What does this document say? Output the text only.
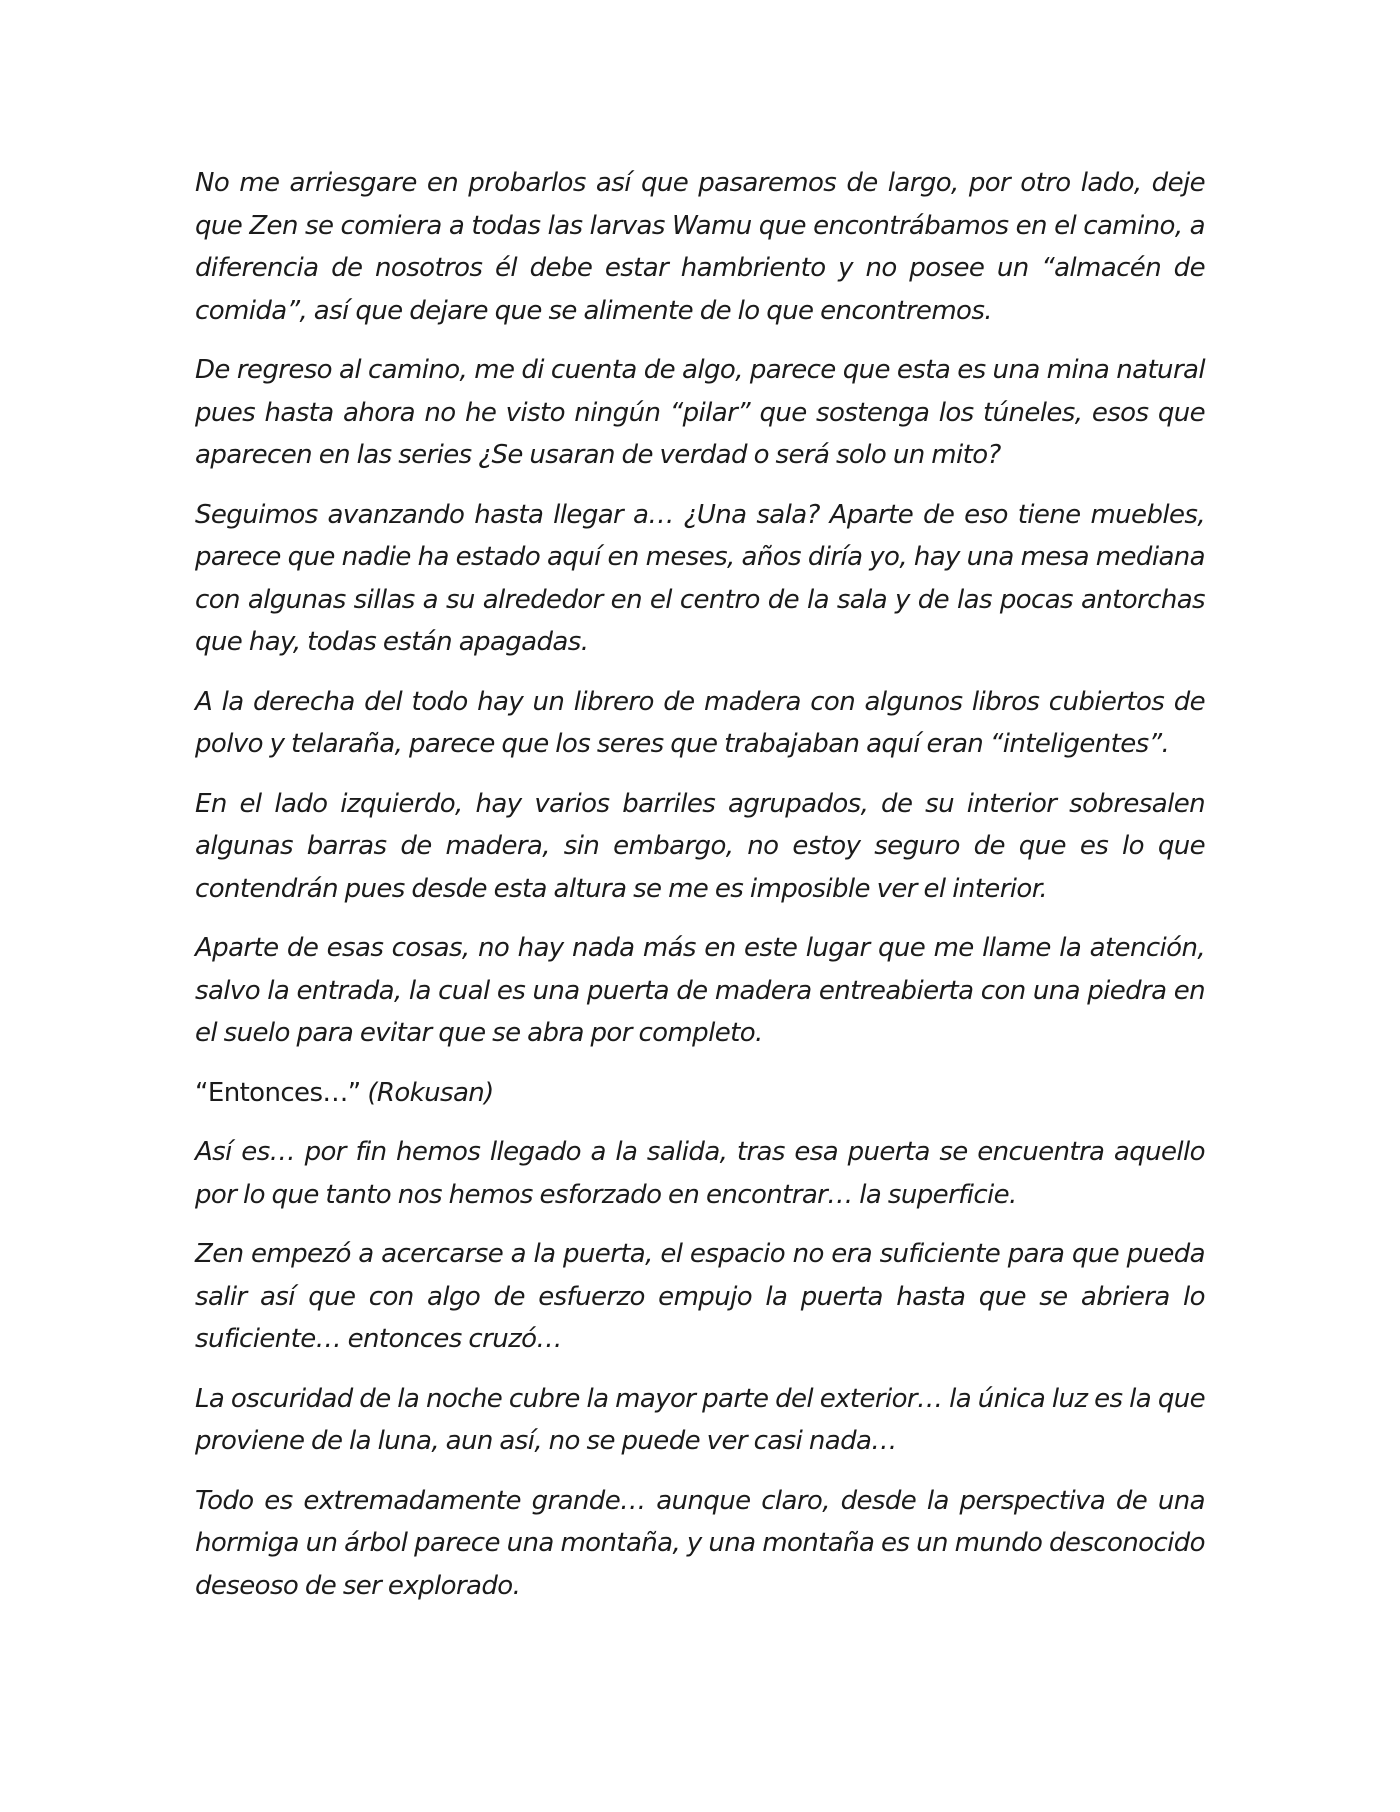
No me arriesgare en probarlos así que pasaremos de largo, por otro lado, deje que Zen se comiera a todas las larvas Wamu que encontrábamos en el camino, a diferencia de nosotros él debe estar hambriento y no posee un “almacén de comida”, así que dejare que se alimente de lo que encontremos.

De regreso al camino, me di cuenta de algo, parece que esta es una mina natural pues hasta ahora no he visto ningún “pilar” que sostenga los túneles, esos que aparecen en las series ¿Se usaran de verdad o será solo un mito?

Seguimos avanzando hasta llegar a… ¿Una sala? Aparte de eso tiene muebles, parece que nadie ha estado aquí en meses, años diría yo, hay una mesa mediana con algunas sillas a su alrededor en el centro de la sala y de las pocas antorchas que hay, todas están apagadas.

A la derecha del todo hay un librero de madera con algunos libros cubiertos de polvo y telaraña, parece que los seres que trabajaban aquí eran “inteligentes”.

En el lado izquierdo, hay varios barriles agrupados, de su interior sobresalen algunas barras de madera, sin embargo, no estoy seguro de que es lo que contendrán pues desde esta altura se me es imposible ver el interior.

Aparte de esas cosas, no hay nada más en este lugar que me llame la atención, salvo la entrada, la cual es una puerta de madera entreabierta con una piedra en el suelo para evitar que se abra por completo.

“Entonces…” (Rokusan)

Así es… por fin hemos llegado a la salida, tras esa puerta se encuentra aquello por lo que tanto nos hemos esforzado en encontrar… la superficie.

Zen empezó a acercarse a la puerta, el espacio no era suficiente para que pueda salir así que con algo de esfuerzo empujo la puerta hasta que se abriera lo suficiente… entonces cruzó…

La oscuridad de la noche cubre la mayor parte del exterior… la única luz es la que proviene de la luna, aun así, no se puede ver casi nada…

Todo es extremadamente grande… aunque claro, desde la perspectiva de una hormiga un árbol parece una montaña, y una montaña es un mundo desconocido deseoso de ser explorado.
